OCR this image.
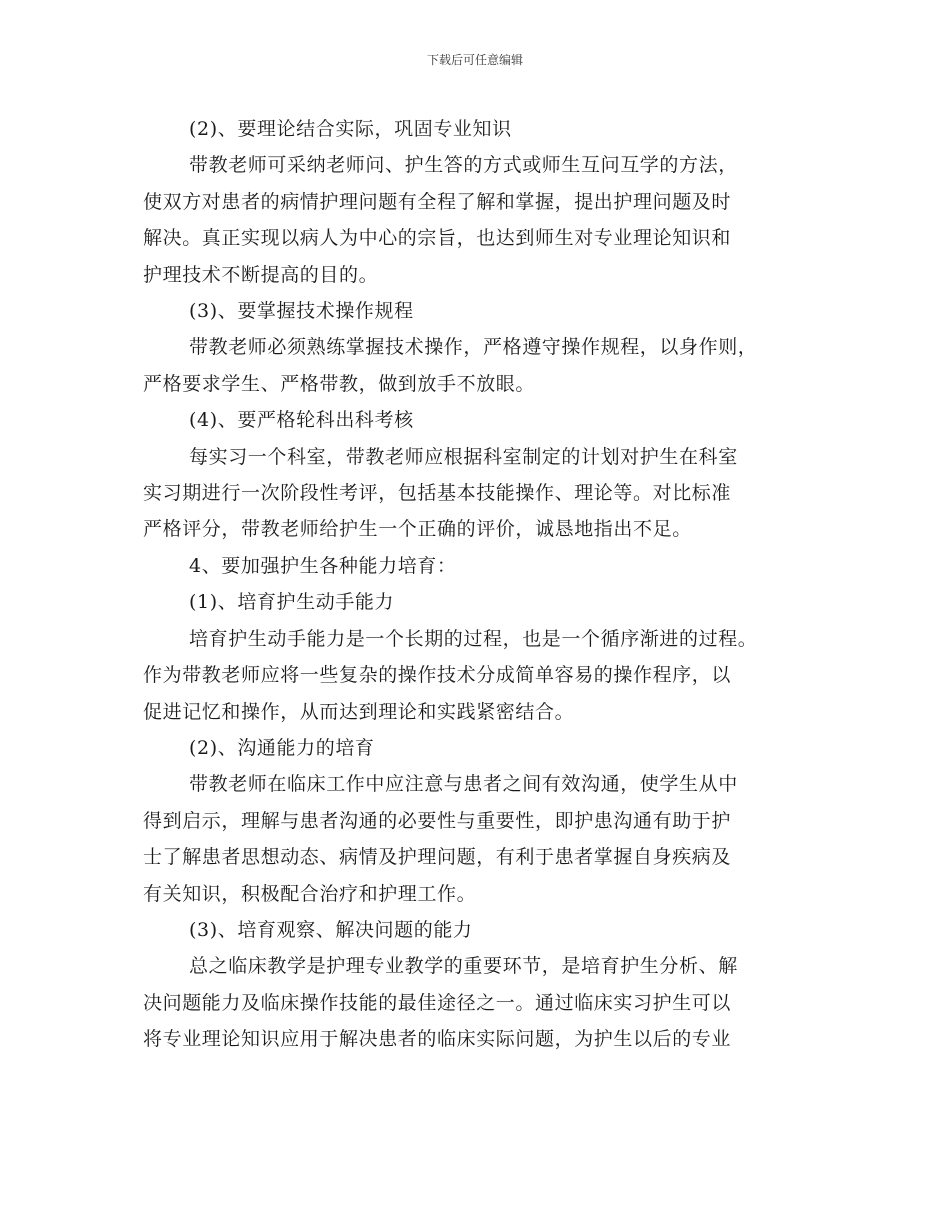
下载后可任意编辑

(2)、要理论结合实际，巩固专业知识

带教老师可采纳老师问、护生答的方式或师生互问互学的方法，
使双方对患者的病情护理问题有全程了解和掌握，提出护理问题及时
解决。真正实现以病人为中心的宗旨，也达到师生对专业理论知识和
护理技术不断提高的目的。

(3)、要掌握技术操作规程

带教老师必须熟练掌握技术操作，严格遵守操作规程，以身作则，
严格要求学生、严格带教，做到放手不放眼。

(4)、要严格轮科出科考核

每实习一个科室，带教老师应根据科室制定的计划对护生在科室
实习期进行一次阶段性考评，包括基本技能操作、理论等。对比标准
严格评分，带教老师给护生一个正确的评价，诚恳地指出不足。

4、要加强护生各种能力培育：

(1)、培育护生动手能力

培育护生动手能力是一个长期的过程，也是一个循序渐进的过程。
作为带教老师应将一些复杂的操作技术分成简单容易的操作程序，以
促进记忆和操作，从而达到理论和实践紧密结合。

(2)、沟通能力的培育

带教老师在临床工作中应注意与患者之间有效沟通，使学生从中
得到启示，理解与患者沟通的必要性与重要性，即护患沟通有助于护
士了解患者思想动态、病情及护理问题，有利于患者掌握自身疾病及
有关知识，积极配合治疗和护理工作。

(3)、培育观察、解决问题的能力

总之临床教学是护理专业教学的重要环节，是培育护生分析、解
决问题能力及临床操作技能的最佳途径之一。通过临床实习护生可以
将专业理论知识应用于解决患者的临床实际问题，为护生以后的专业
